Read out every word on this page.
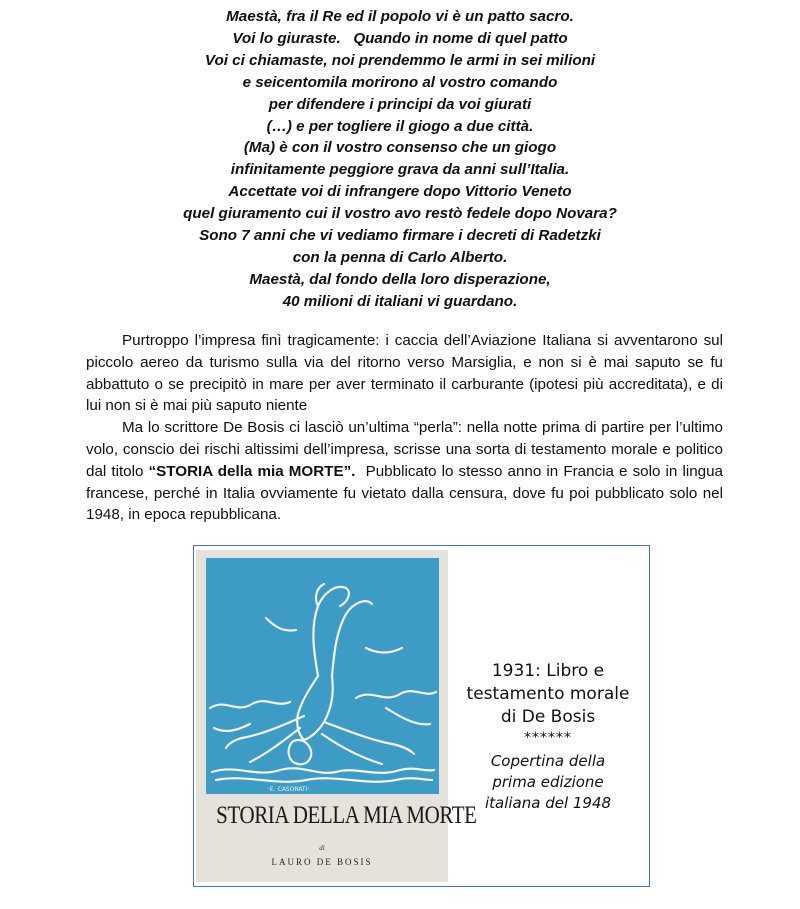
Maestà, fra il Re ed il popolo vi è un patto sacro.
Voi lo giuraste.   Quando in nome di quel patto
Voi ci chiamaste, noi prendemmo le armi in sei milioni
e seicentomila morirono al vostro comando
per difendere i principi da voi giurati
(…) e per togliere il giogo a due città.
(Ma) è con il vostro consenso che un giogo
infinitamente peggiore grava da anni sull’Italia.
Accettate voi di infrangere dopo Vittorio Veneto
quel giuramento cui il vostro avo restò fedele dopo Novara?
Sono 7 anni che vi vediamo firmare i decreti di Radetzki
con la penna di Carlo Alberto.
Maestà, dal fondo della loro disperazione,
40 milioni di italiani vi guardano.

Purtroppo l’impresa finì tragicamente: i caccia dell’Aviazione Italiana si avventarono sul piccolo aereo da turismo sulla via del ritorno verso Marsiglia, e non si è mai saputo se fu abbattuto o se precipitò in mare per aver terminato il carburante (ipotesi più accreditata), e di lui non si è mai più saputo niente

Ma lo scrittore De Bosis ci lasciò un’ultima “perla”: nella notte prima di partire per l’ultimo volo, conscio dei rischi altissimi dell’impresa, scrisse una sorta di testamento morale e politico dal titolo “STORIA della mia MORTE”.  Pubblicato lo stesso anno in Francia e solo in lingua francese, perché in Italia ovviamente fu vietato dalla censura, dove fu poi pubblicato solo nel 1948, in epoca repubblicana.

·E. CASORATI·
STORIA DELLA MIA MORTE
di
LAURO DE BOSIS
1931: Libro e
testamento morale
di De Bosis
******
Copertina della
prima edizione
italiana del 1948
